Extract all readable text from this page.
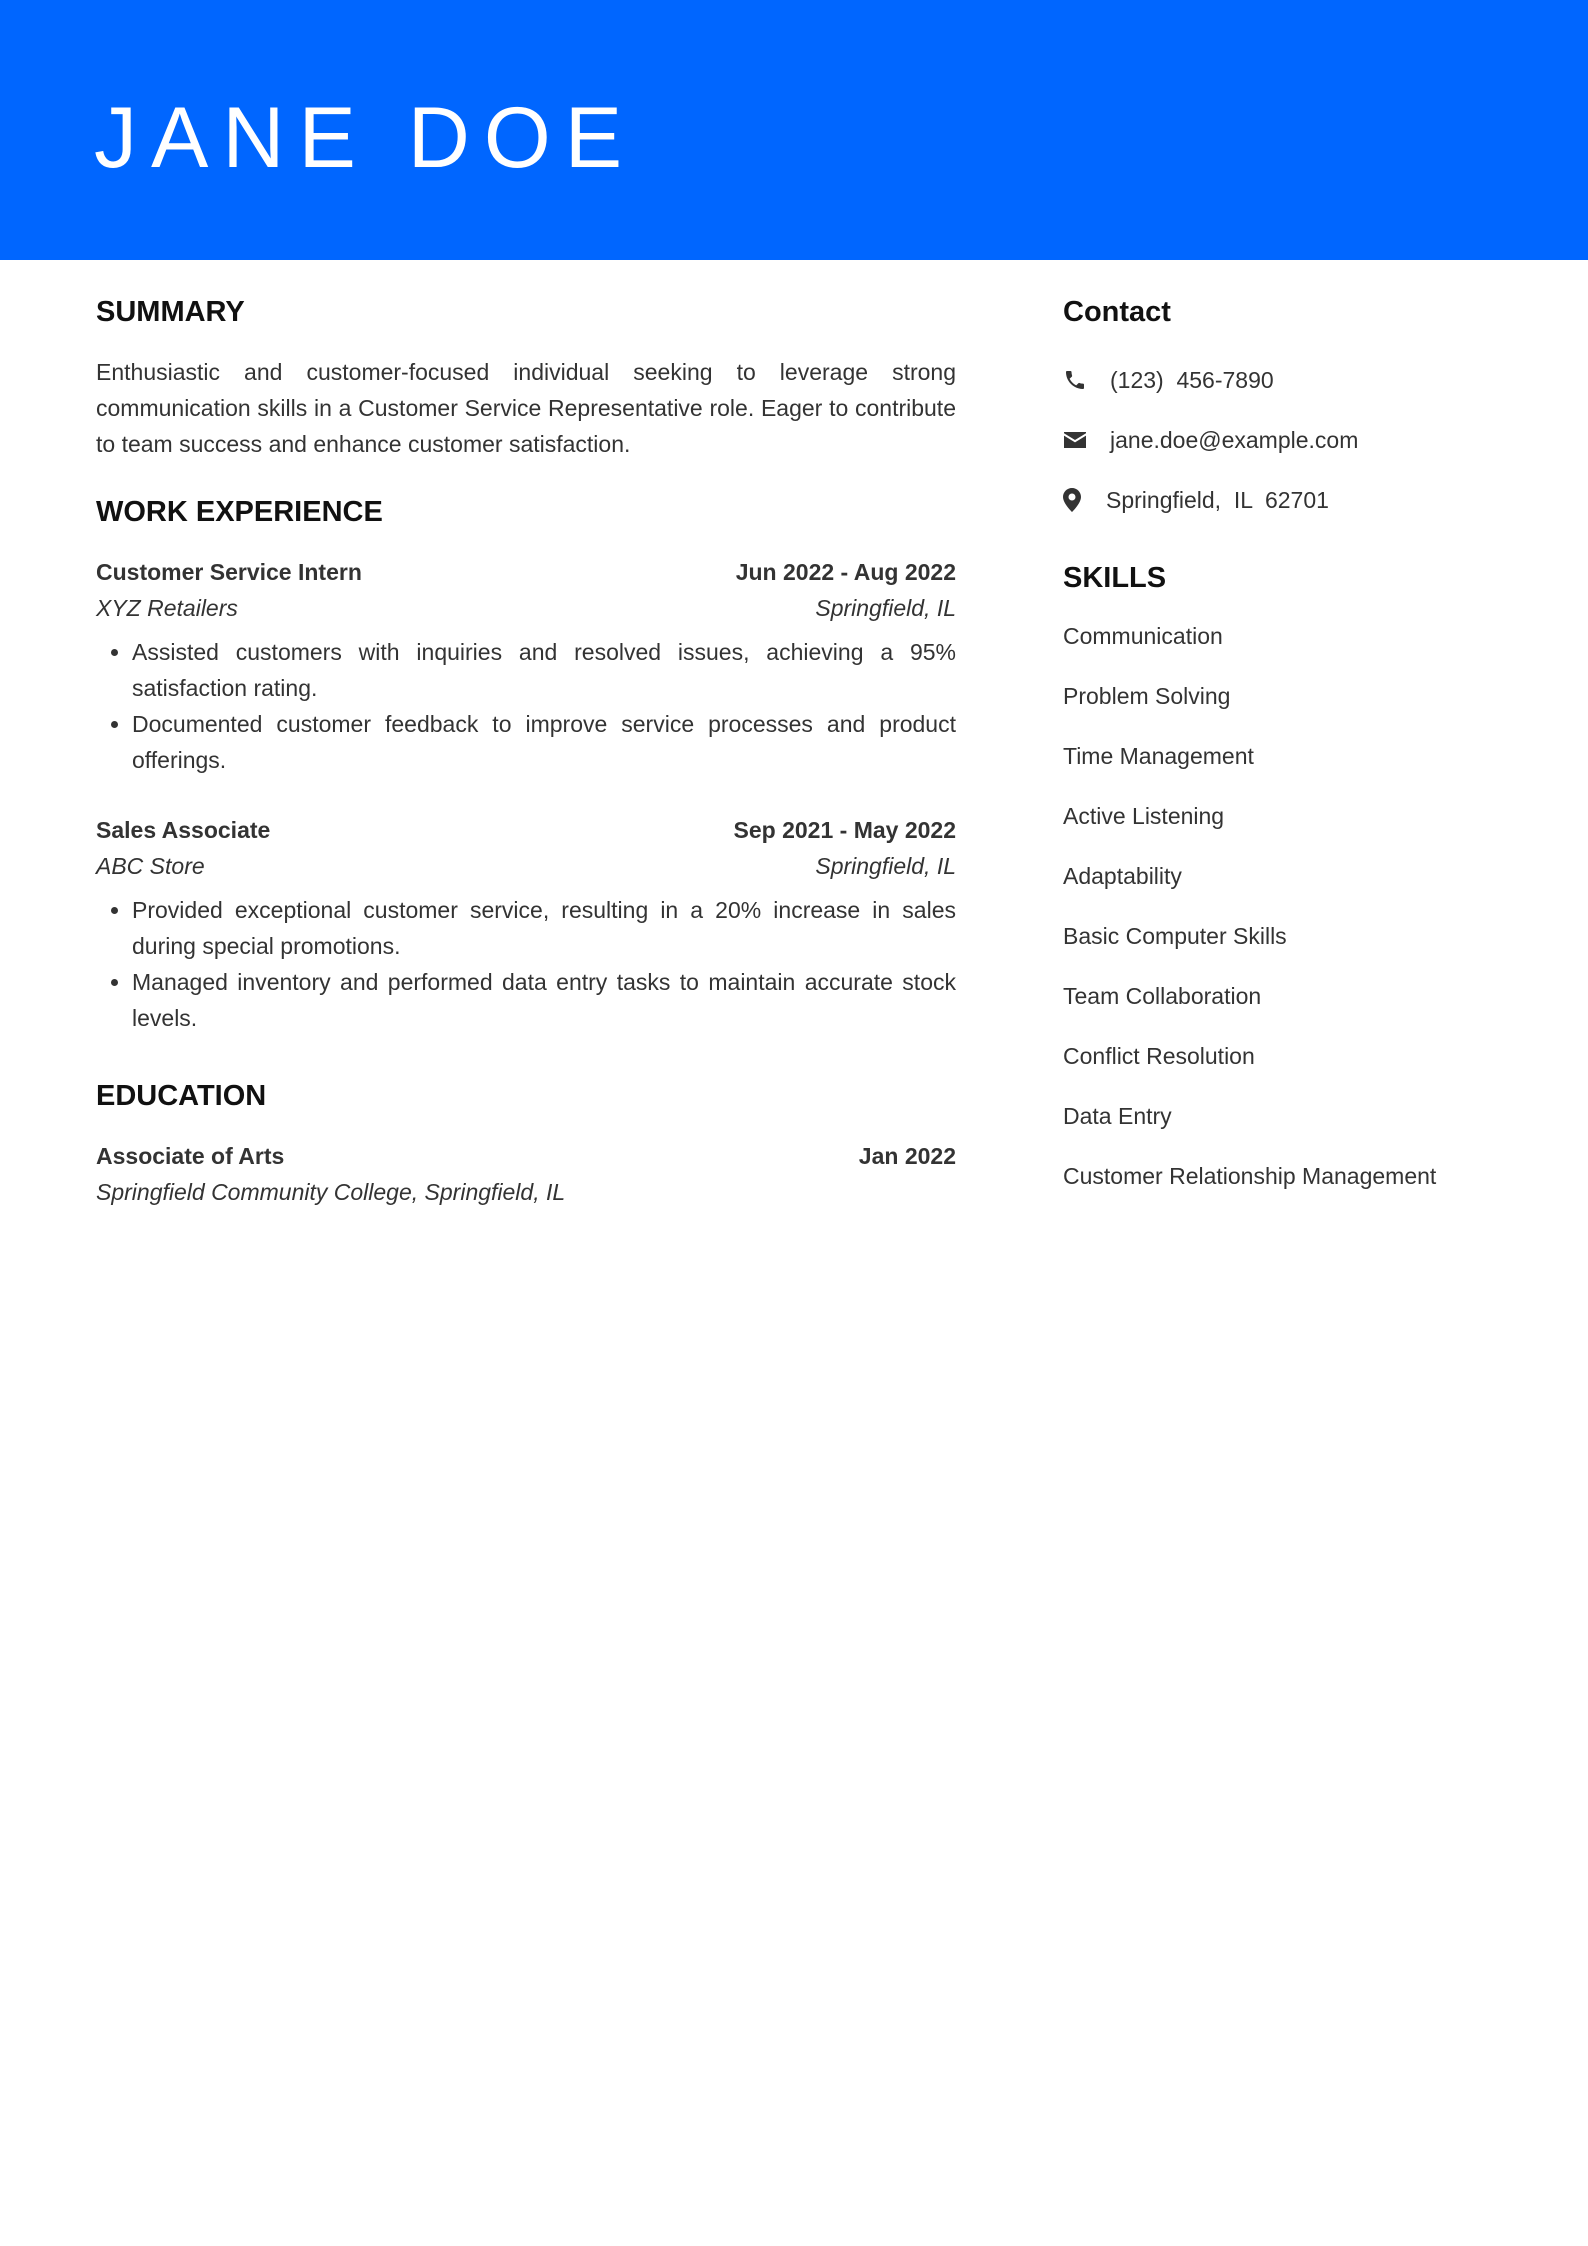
JANE DOE
SUMMARY

Enthusiastic and customer-focused individual seeking to leverage strong communication skills in a Customer Service Representative role. Eager to contribute to team success and enhance customer satisfaction.

WORK EXPERIENCE
Customer Service Intern	Jun 2022 - Aug 2022
XYZ Retailers	Springfield, IL
• Assisted customers with inquiries and resolved issues, achieving a 95% satisfaction rating.
• Documented customer feedback to improve service processes and product offerings.
Sales Associate	Sep 2021 - May 2022
ABC Store	Springfield, IL
• Provided exceptional customer service, resulting in a 20% increase in sales during special promotions.
• Managed inventory and performed data entry tasks to maintain accurate stock levels.
EDUCATION
Associate of Arts	Jan 2022
Springfield Community College, Springfield, IL
Contact
(123)  456-7890
jane.doe@example.com
Springfield,  IL  62701
SKILLS
Communication
Problem Solving
Time Management
Active Listening
Adaptability
Basic Computer Skills
Team Collaboration
Conflict Resolution
Data Entry
Customer Relationship Management
